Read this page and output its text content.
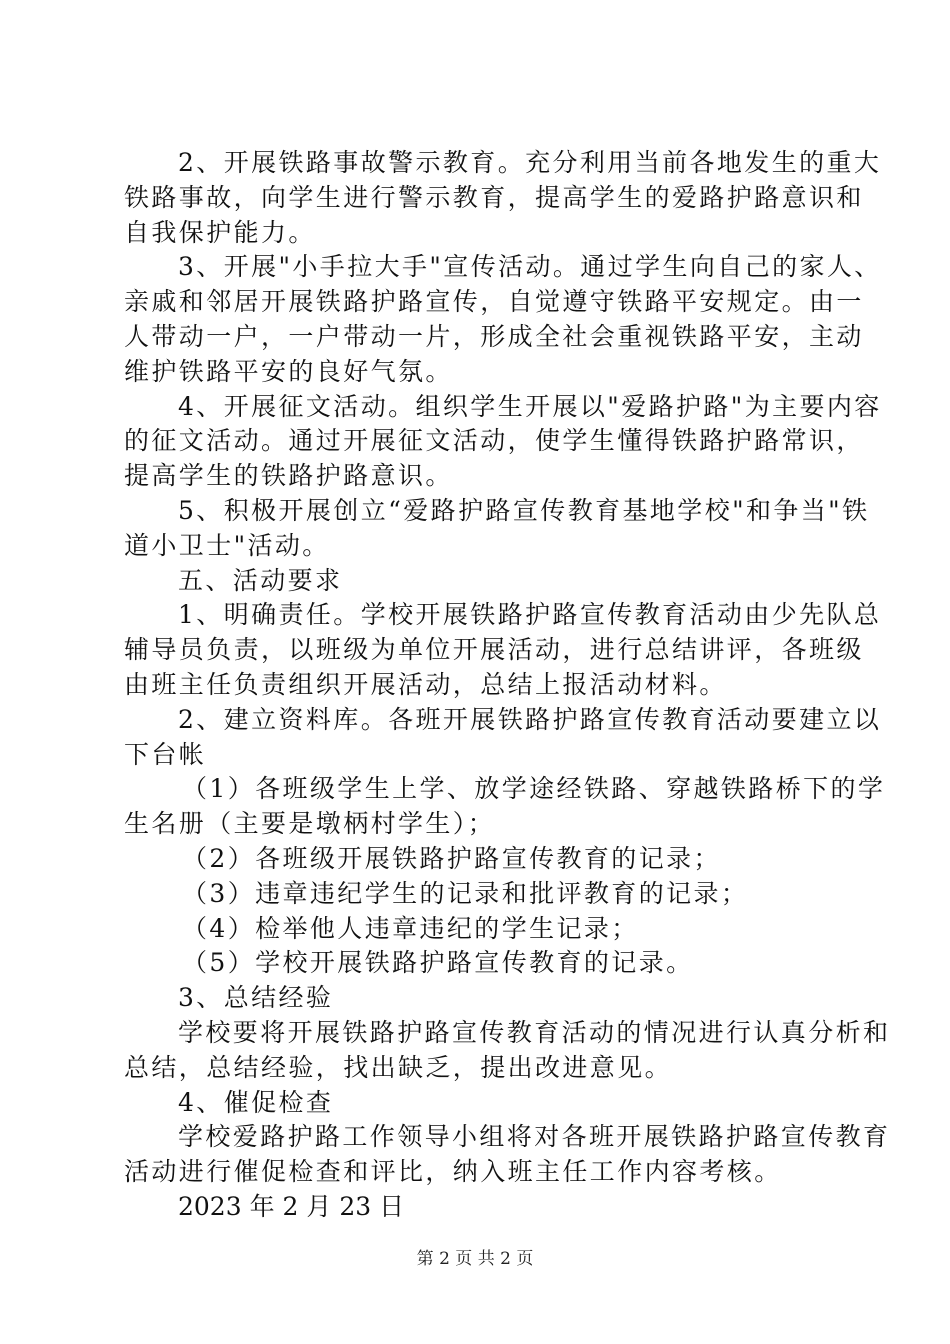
2、开展铁路事故警示教育。充分利用当前各地发生的重大
铁路事故，向学生进行警示教育，提高学生的爱路护路意识和
自我保护能力。
3、开展"小手拉大手"宣传活动。通过学生向自己的家人、
亲戚和邻居开展铁路护路宣传，自觉遵守铁路平安规定。由一
人带动一户，一户带动一片，形成全社会重视铁路平安，主动
维护铁路平安的良好气氛。
4、开展征文活动。组织学生开展以"爱路护路"为主要内容
的征文活动。通过开展征文活动，使学生懂得铁路护路常识，
提高学生的铁路护路意识。
5、积极开展创立“爱路护路宣传教育基地学校"和争当"铁
道小卫士"活动。
五、活动要求
1、明确责任。学校开展铁路护路宣传教育活动由少先队总
辅导员负责，以班级为单位开展活动，进行总结讲评，各班级
由班主任负责组织开展活动，总结上报活动材料。
2、建立资料库。各班开展铁路护路宣传教育活动要建立以
下台帐
（1）各班级学生上学、放学途经铁路、穿越铁路桥下的学
生名册（主要是墩柄村学生）；
（2）各班级开展铁路护路宣传教育的记录；
（3）违章违纪学生的记录和批评教育的记录；
（4）检举他人违章违纪的学生记录；
（5）学校开展铁路护路宣传教育的记录。
3、总结经验
学校要将开展铁路护路宣传教育活动的情况进行认真分析和
总结，总结经验，找出缺乏，提出改进意见。
4、催促检查
学校爱路护路工作领导小组将对各班开展铁路护路宣传教育
活动进行催促检查和评比，纳入班主任工作内容考核。
2023 年 2 月 23 日
第 2 页 共 2 页
